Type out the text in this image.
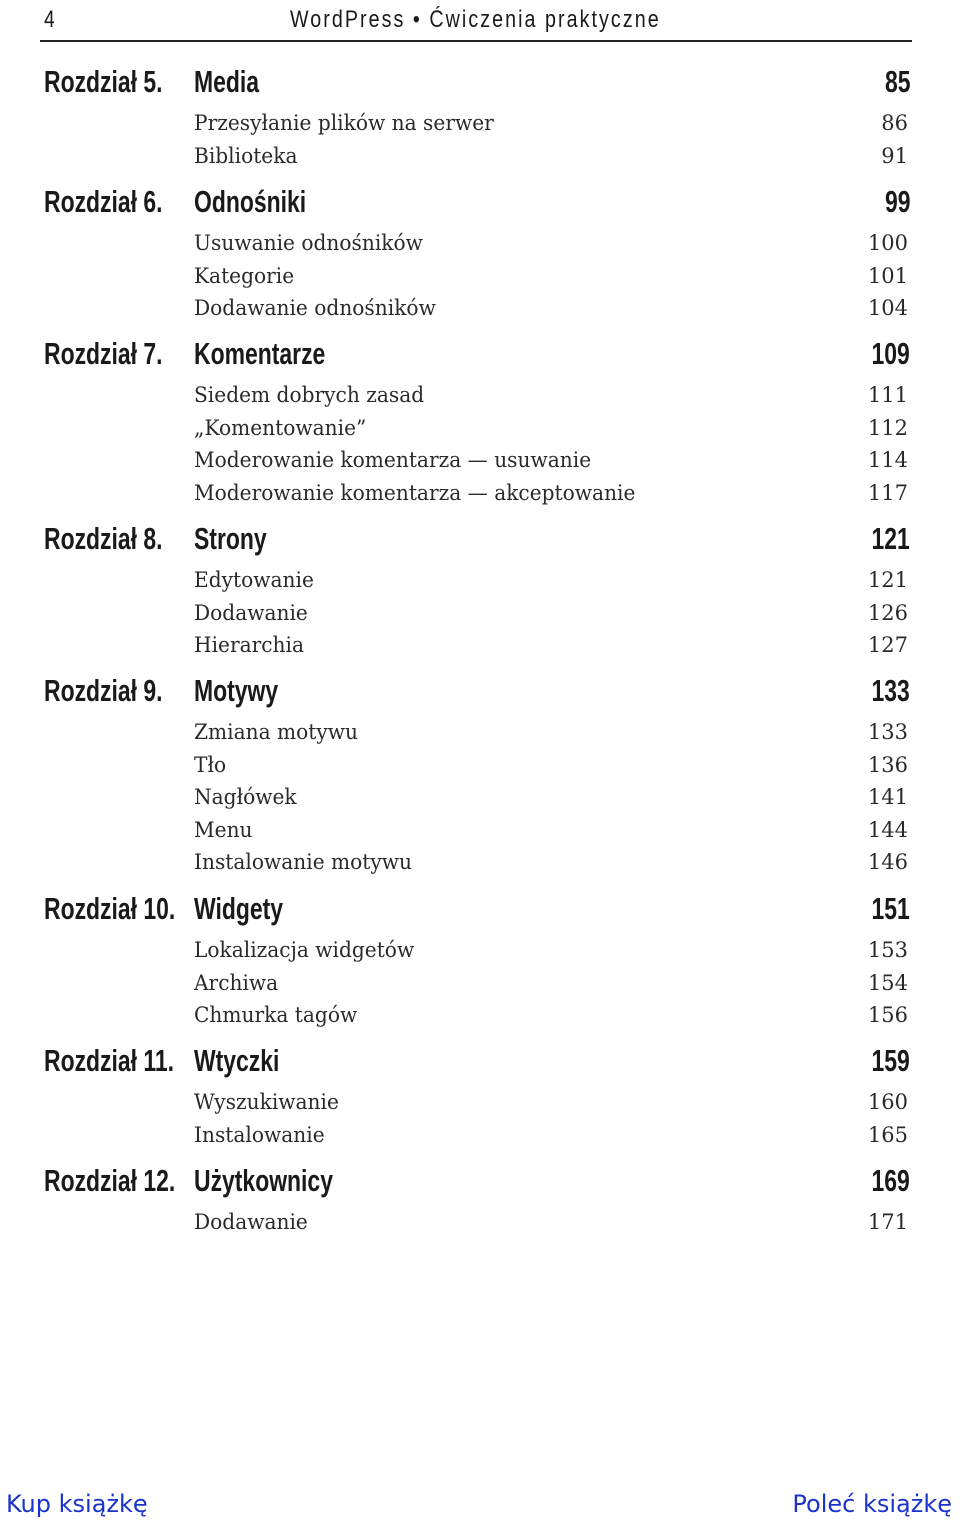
4	WordPress • Ćwiczenia praktyczne
Rozdział 5. Media	85
Przesyłanie plików na serwer	86
Biblioteka	91
Rozdział 6. Odnośniki	99
Usuwanie odnośników	100
Kategorie	101
Dodawanie odnośników	104
Rozdział 7. Komentarze	109
Siedem dobrych zasad	111
„Komentowanie”	112
Moderowanie komentarza — usuwanie	114
Moderowanie komentarza — akceptowanie	117
Rozdział 8. Strony	121
Edytowanie	121
Dodawanie	126
Hierarchia	127
Rozdział 9. Motywy	133
Zmiana motywu	133
Tło	136
Nagłówek	141
Menu	144
Instalowanie motywu	146
Rozdział 10. Widgety	151
Lokalizacja widgetów	153
Archiwa	154
Chmurka tagów	156
Rozdział 11. Wtyczki	159
Wyszukiwanie	160
Instalowanie	165
Rozdział 12. Użytkownicy	169
Dodawanie	171
Kup książkę	Poleć książkę
